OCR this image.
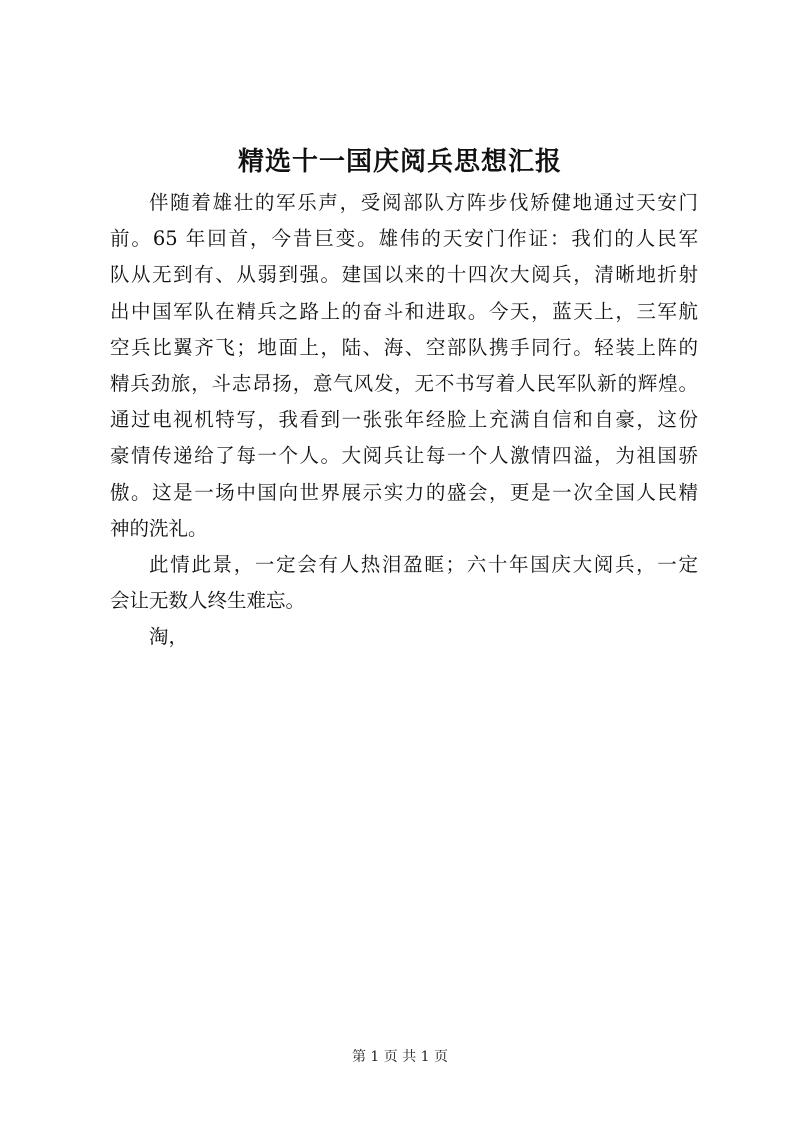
精选十一国庆阅兵思想汇报
伴随着雄壮的军乐声，受阅部队方阵步伐矫健地通过天安门
前。65 年回首，今昔巨变。雄伟的天安门作证：我们的人民军
队从无到有、从弱到强。建国以来的十四次大阅兵，清晰地折射
出中国军队在精兵之路上的奋斗和进取。今天，蓝天上，三军航
空兵比翼齐飞；地面上，陆、海、空部队携手同行。轻装上阵的
精兵劲旅，斗志昂扬，意气风发，无不书写着人民军队新的辉煌。
通过电视机特写，我看到一张张年经脸上充满自信和自豪，这份
豪情传递给了每一个人。大阅兵让每一个人激情四溢，为祖国骄
傲。这是一场中国向世界展示实力的盛会，更是一次全国人民精
神的洗礼。
此情此景，一定会有人热泪盈眶；六十年国庆大阅兵，一定
会让无数人终生难忘。
淘，
第 1 页 共 1 页
